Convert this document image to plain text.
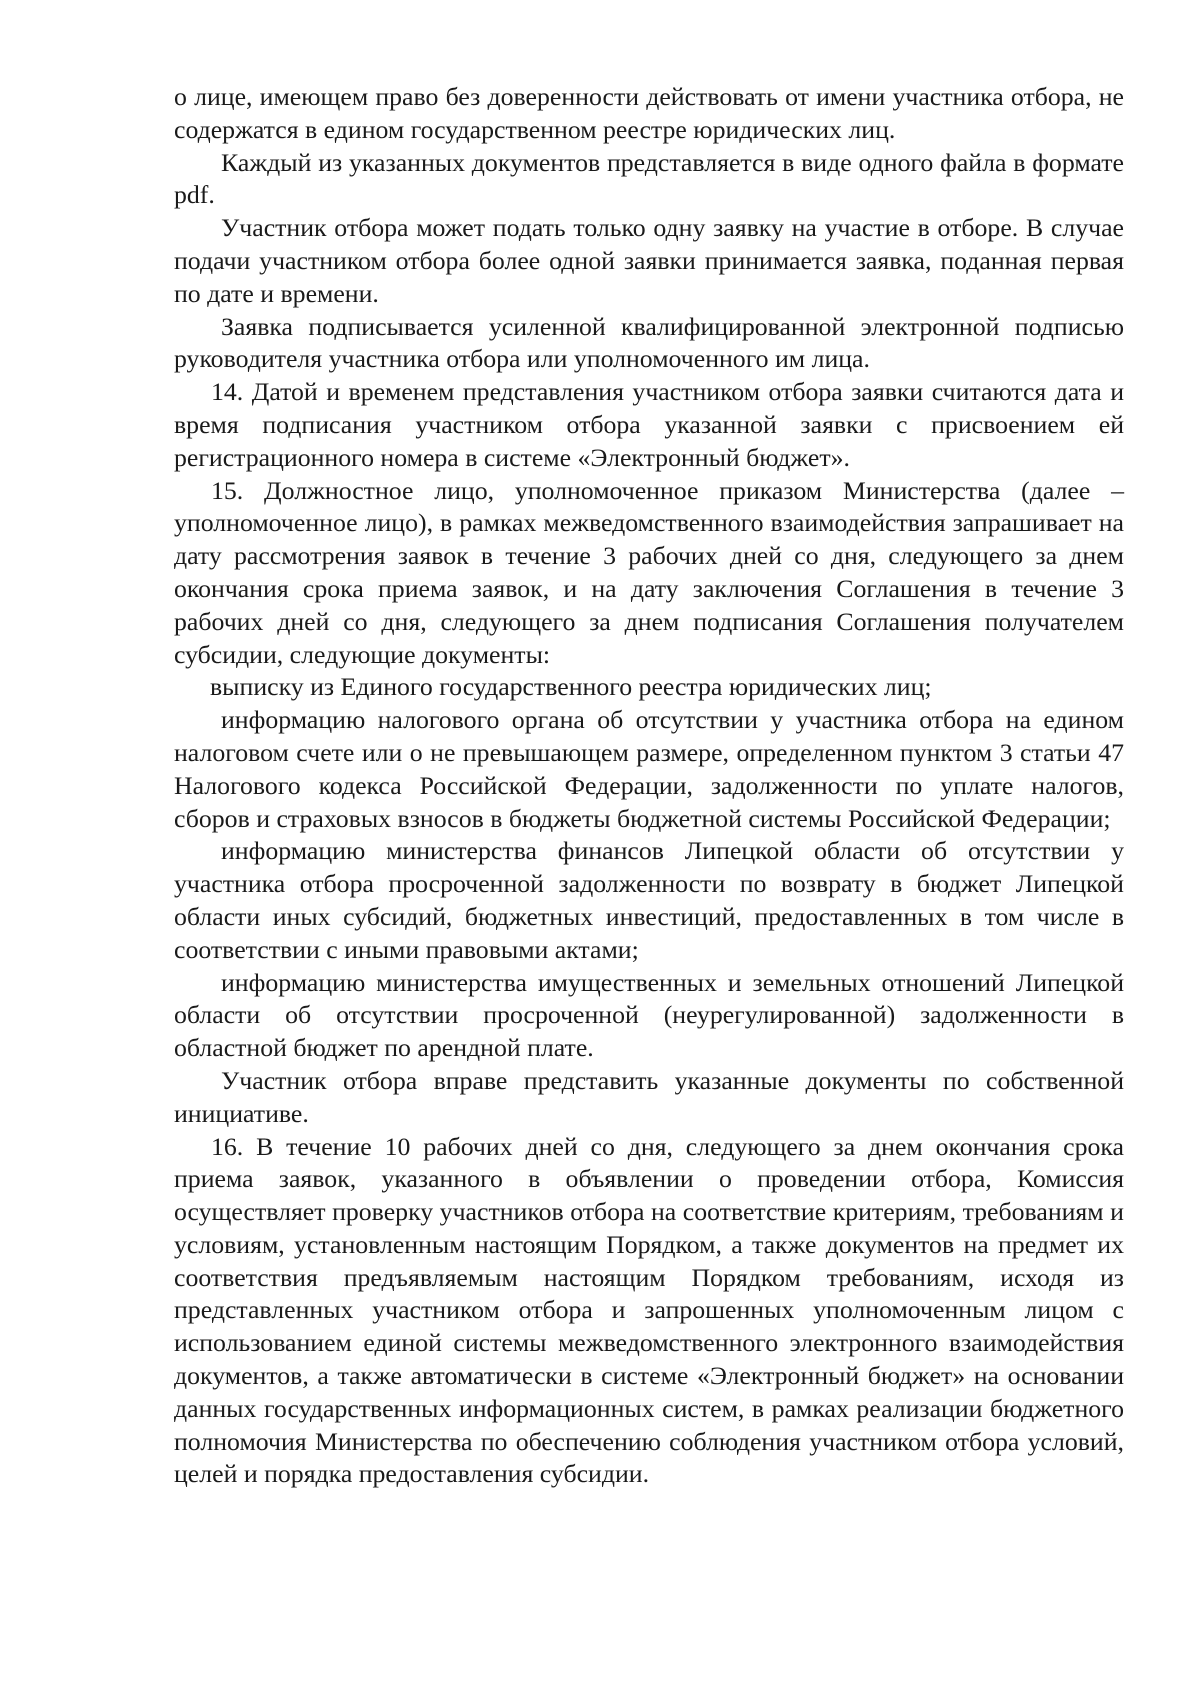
о лице, имеющем право без доверенности действовать от имени участника отбора, не содержатся в едином государственном реестре юридических лиц.

Каждый из указанных документов представляется в виде одного файла в формате pdf.

Участник отбора может подать только одну заявку на участие в отборе. В случае подачи участником отбора более одной заявки принимается заявка, поданная первая по дате и времени.

Заявка подписывается усиленной квалифицированной электронной подписью руководителя участника отбора или уполномоченного им лица.

14. Датой и временем представления участником отбора заявки считаются дата и время подписания участником отбора указанной заявки с присвоением ей регистрационного номера в системе «Электронный бюджет».

15. Должностное лицо, уполномоченное приказом Министерства (далее – уполномоченное лицо), в рамках межведомственного взаимодействия запрашивает на дату рассмотрения заявок в течение 3 рабочих дней со дня, следующего за днем окончания срока приема заявок, и на дату заключения Соглашения в течение 3 рабочих дней со дня, следующего за днем подписания Соглашения получателем субсидии, следующие документы:

выписку из Единого государственного реестра юридических лиц;

информацию налогового органа об отсутствии у участника отбора на едином налоговом счете или о не превышающем размере, определенном пунктом 3 статьи 47 Налогового кодекса Российской Федерации, задолженности по уплате налогов, сборов и страховых взносов в бюджеты бюджетной системы Российской Федерации;

информацию министерства финансов Липецкой области об отсутствии у участника отбора просроченной задолженности по возврату в бюджет Липецкой области иных субсидий, бюджетных инвестиций, предоставленных в том числе в соответствии с иными правовыми актами;

информацию министерства имущественных и земельных отношений Липецкой области об отсутствии просроченной (неурегулированной) задолженности в областной бюджет по арендной плате.

Участник отбора вправе представить указанные документы по собственной инициативе.

16. В течение 10 рабочих дней со дня, следующего за днем окончания срока приема заявок, указанного в объявлении о проведении отбора, Комиссия осуществляет проверку участников отбора на соответствие критериям, требованиям и условиям, установленным настоящим Порядком, а также документов на предмет их соответствия предъявляемым настоящим Порядком требованиям, исходя из представленных участником отбора и запрошенных уполномоченным лицом с использованием единой системы межведомственного электронного взаимодействия документов, а также автоматически в системе «Электронный бюджет» на основании данных государственных информационных систем, в рамках реализации бюджетного полномочия Министерства по обеспечению соблюдения участником отбора условий, целей и порядка предоставления субсидии.
